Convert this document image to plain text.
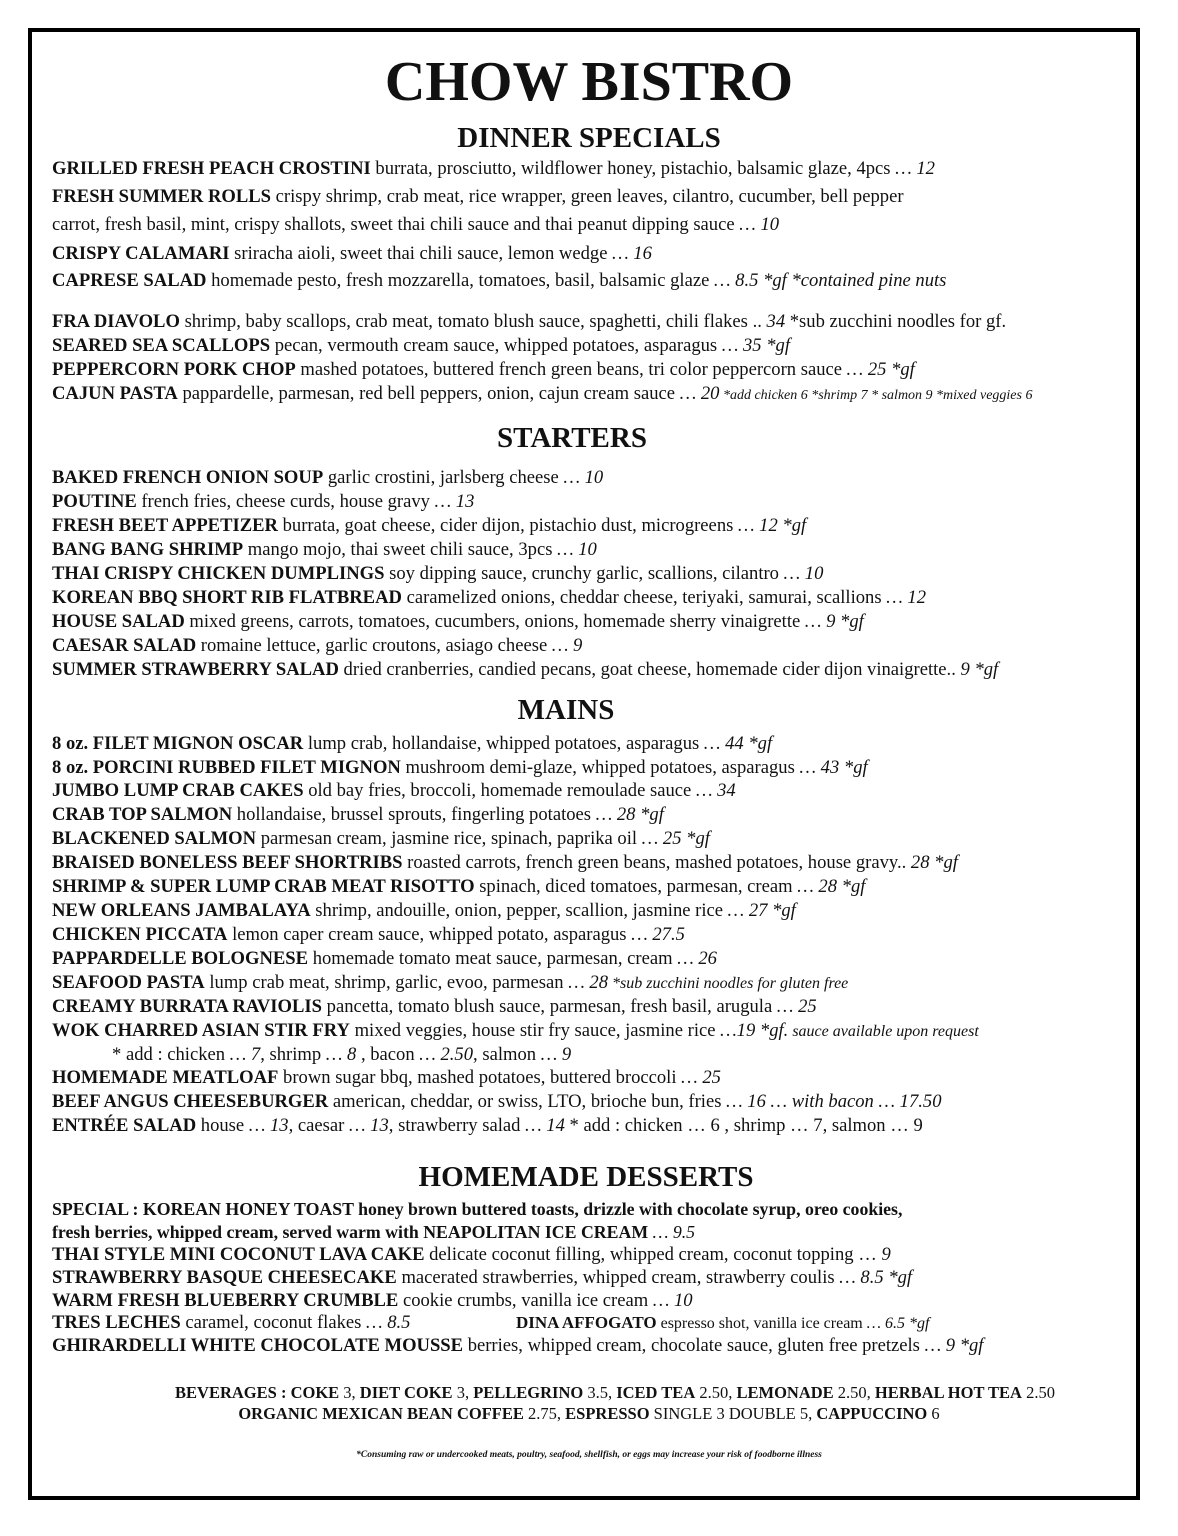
CHOW BISTRO
DINNER SPECIALS
GRILLED FRESH PEACH CROSTINI burrata, prosciutto, wildflower honey, pistachio, balsamic glaze, 4pcs … 12
FRESH SUMMER ROLLS crispy shrimp, crab meat, rice wrapper, green leaves, cilantro, cucumber, bell pepper
carrot, fresh basil, mint, crispy shallots, sweet thai chili sauce and thai peanut dipping sauce … 10
CRISPY CALAMARI sriracha aioli, sweet thai chili sauce, lemon wedge … 16
CAPRESE SALAD homemade pesto, fresh mozzarella, tomatoes, basil, balsamic glaze … 8.5 *gf *contained pine nuts
FRA DIAVOLO shrimp, baby scallops, crab meat, tomato blush sauce, spaghetti, chili flakes .. 34 *sub zucchini noodles for gf.
SEARED SEA SCALLOPS pecan, vermouth cream sauce, whipped potatoes, asparagus … 35 *gf
PEPPERCORN PORK CHOP mashed potatoes, buttered french green beans, tri color peppercorn sauce … 25 *gf
CAJUN PASTA pappardelle, parmesan, red bell peppers, onion, cajun cream sauce … 20 *add chicken 6 *shrimp 7 * salmon 9 *mixed veggies 6
STARTERS
BAKED FRENCH ONION SOUP garlic crostini, jarlsberg cheese … 10
POUTINE french fries, cheese curds, house gravy … 13
FRESH BEET APPETIZER burrata, goat cheese, cider dijon, pistachio dust, microgreens … 12 *gf
BANG BANG SHRIMP mango mojo, thai sweet chili sauce, 3pcs … 10
THAI CRISPY CHICKEN DUMPLINGS soy dipping sauce, crunchy garlic, scallions, cilantro … 10
KOREAN BBQ SHORT RIB FLATBREAD caramelized onions, cheddar cheese, teriyaki, samurai, scallions … 12
HOUSE SALAD mixed greens, carrots, tomatoes, cucumbers, onions, homemade sherry vinaigrette … 9 *gf
CAESAR SALAD romaine lettuce, garlic croutons, asiago cheese … 9
SUMMER STRAWBERRY SALAD dried cranberries, candied pecans, goat cheese, homemade cider dijon vinaigrette.. 9 *gf
MAINS
8 oz. FILET MIGNON OSCAR lump crab, hollandaise, whipped potatoes, asparagus … 44 *gf
8 oz. PORCINI RUBBED FILET MIGNON mushroom demi-glaze, whipped potatoes, asparagus … 43 *gf
JUMBO LUMP CRAB CAKES old bay fries, broccoli, homemade remoulade sauce … 34
CRAB TOP SALMON hollandaise, brussel sprouts, fingerling potatoes … 28 *gf
BLACKENED SALMON parmesan cream, jasmine rice, spinach, paprika oil … 25 *gf
BRAISED BONELESS BEEF SHORTRIBS roasted carrots, french green beans, mashed potatoes, house gravy.. 28 *gf
SHRIMP & SUPER LUMP CRAB MEAT RISOTTO spinach, diced tomatoes, parmesan, cream … 28 *gf
NEW ORLEANS JAMBALAYA shrimp, andouille, onion, pepper, scallion, jasmine rice … 27 *gf
CHICKEN PICCATA lemon caper cream sauce, whipped potato, asparagus … 27.5
PAPPARDELLE BOLOGNESE homemade tomato meat sauce, parmesan, cream … 26
SEAFOOD PASTA lump crab meat, shrimp, garlic, evoo, parmesan … 28 *sub zucchini noodles for gluten free
CREAMY BURRATA RAVIOLIS pancetta, tomato blush sauce, parmesan, fresh basil, arugula … 25
WOK CHARRED ASIAN STIR FRY mixed veggies, house stir fry sauce, jasmine rice …19 *gf. sauce available upon request
* add : chicken … 7, shrimp … 8 , bacon … 2.50, salmon … 9
HOMEMADE MEATLOAF brown sugar bbq, mashed potatoes, buttered broccoli … 25
BEEF ANGUS CHEESEBURGER american, cheddar, or swiss, LTO, brioche bun, fries … 16 … with bacon … 17.50
ENTRÉE SALAD house … 13, caesar … 13, strawberry salad … 14 * add : chicken … 6 , shrimp … 7, salmon … 9
HOMEMADE DESSERTS
SPECIAL : KOREAN HONEY TOAST honey brown buttered toasts, drizzle with chocolate syrup, oreo cookies,
fresh berries, whipped cream, served warm with NEAPOLITAN ICE CREAM … 9.5
THAI STYLE MINI COCONUT LAVA CAKE delicate coconut filling, whipped cream, coconut topping … 9
STRAWBERRY BASQUE CHEESECAKE macerated strawberries, whipped cream, strawberry coulis … 8.5 *gf
WARM FRESH BLUEBERRY CRUMBLE cookie crumbs, vanilla ice cream … 10
TRES LECHES caramel, coconut flakes … 8.5	DINA AFFOGATO espresso shot, vanilla ice cream … 6.5 *gf
GHIRARDELLI WHITE CHOCOLATE MOUSSE berries, whipped cream, chocolate sauce, gluten free pretzels … 9 *gf
BEVERAGES : COKE 3, DIET COKE 3, PELLEGRINO 3.5, ICED TEA 2.50, LEMONADE 2.50, HERBAL HOT TEA 2.50
ORGANIC MEXICAN BEAN COFFEE 2.75, ESPRESSO SINGLE 3 DOUBLE 5, CAPPUCCINO 6
*Consuming raw or undercooked meats, poultry, seafood, shellfish, or eggs may increase your risk of foodborne illness
